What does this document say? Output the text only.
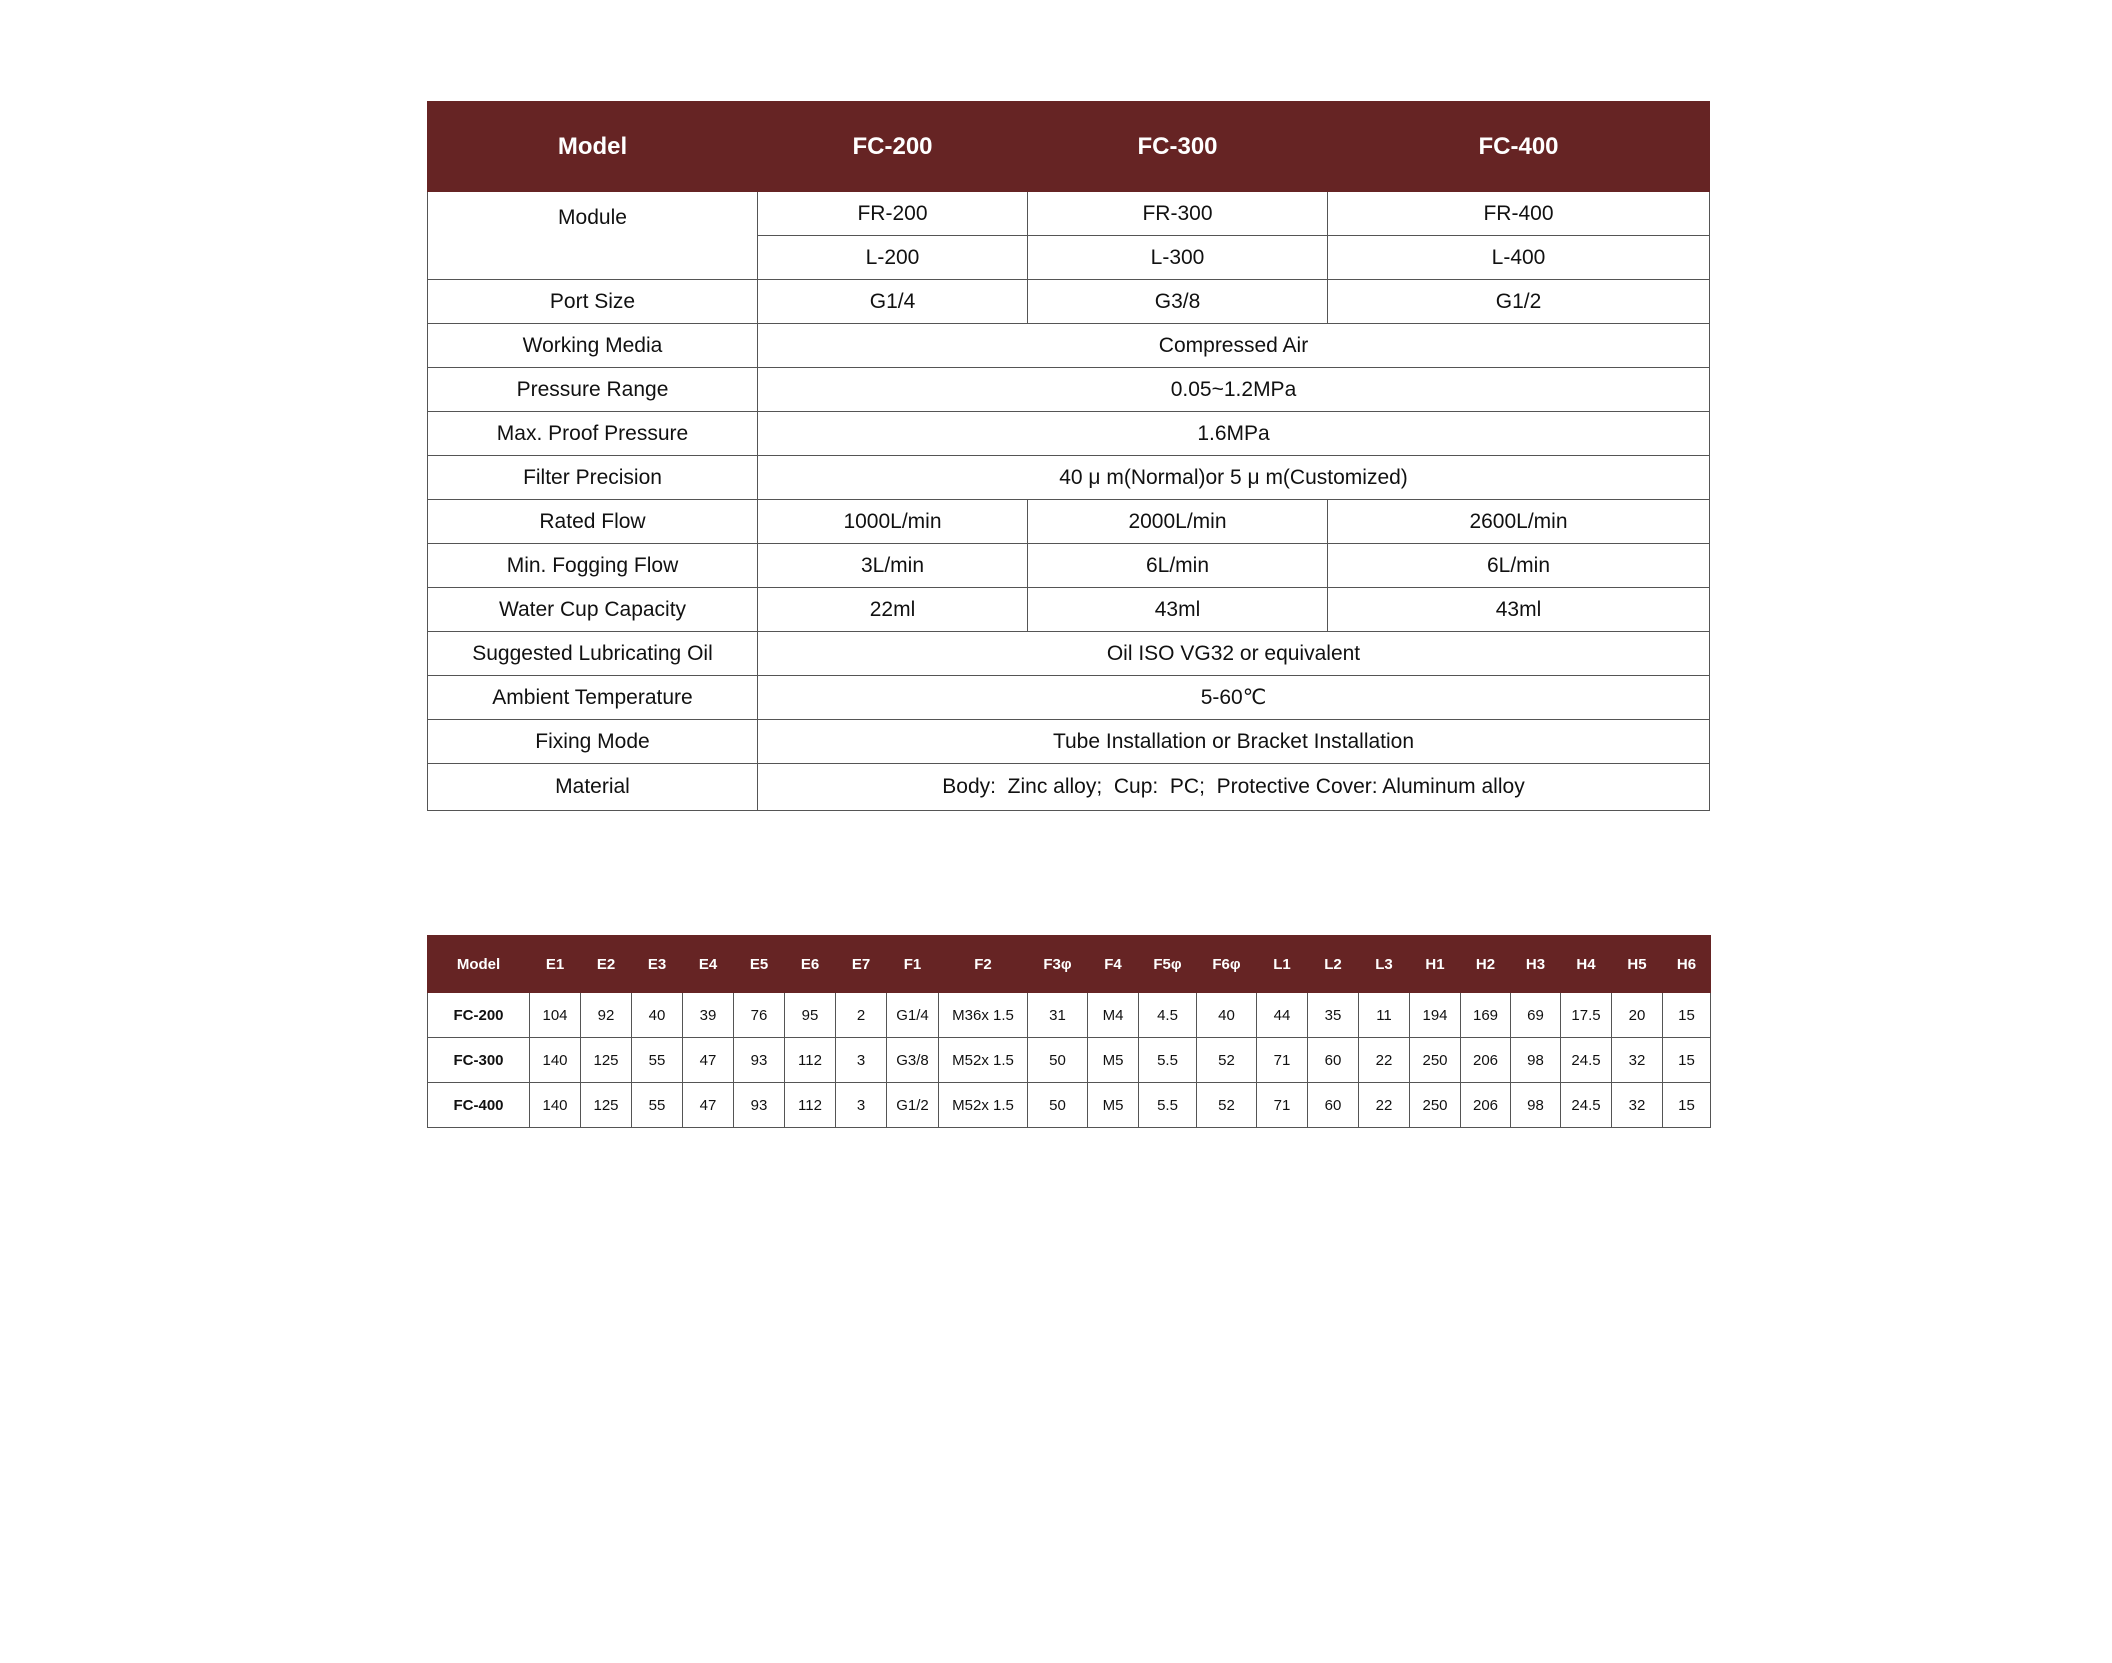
Model	FC-200	FC-300	FC-400
Module	FR-200	FR-300	FR-400
	L-200	L-300	L-400
Port Size	G1/4	G3/8	G1/2
Working Media	Compressed Air		
Pressure Range	0.05~1.2MPa		
Max. Proof Pressure	1.6MPa		
Filter Precision	40 μ m(Normal)or 5 μ m(Customized)		
Rated Flow	1000L/min	2000L/min	2600L/min
Min. Fogging Flow	3L/min	6L/min	6L/min
Water Cup Capacity	22ml	43ml	43ml
Suggested Lubricating Oil	Oil ISO VG32 or equivalent		
Ambient Temperature	5-60℃		
Fixing Mode	Tube Installation or Bracket Installation		
Material	Body:  Zinc alloy;  Cup:  PC;  Protective Cover: Aluminum alloy		
Model	E1	E2	E3	E4	E5	E6	E7	F1	F2	F3φ	F4	F5φ	F6φ	L1	L2	L3	H1	H2	H3	H4	H5	H6
FC-200	104	92	40	39	76	95	2	G1/4	M36x 1.5	31	M4	4.5	40	44	35	11	194	169	69	17.5	20	15
FC-300	140	125	55	47	93	112	3	G3/8	M52x 1.5	50	M5	5.5	52	71	60	22	250	206	98	24.5	32	15
FC-400	140	125	55	47	93	112	3	G1/2	M52x 1.5	50	M5	5.5	52	71	60	22	250	206	98	24.5	32	15
